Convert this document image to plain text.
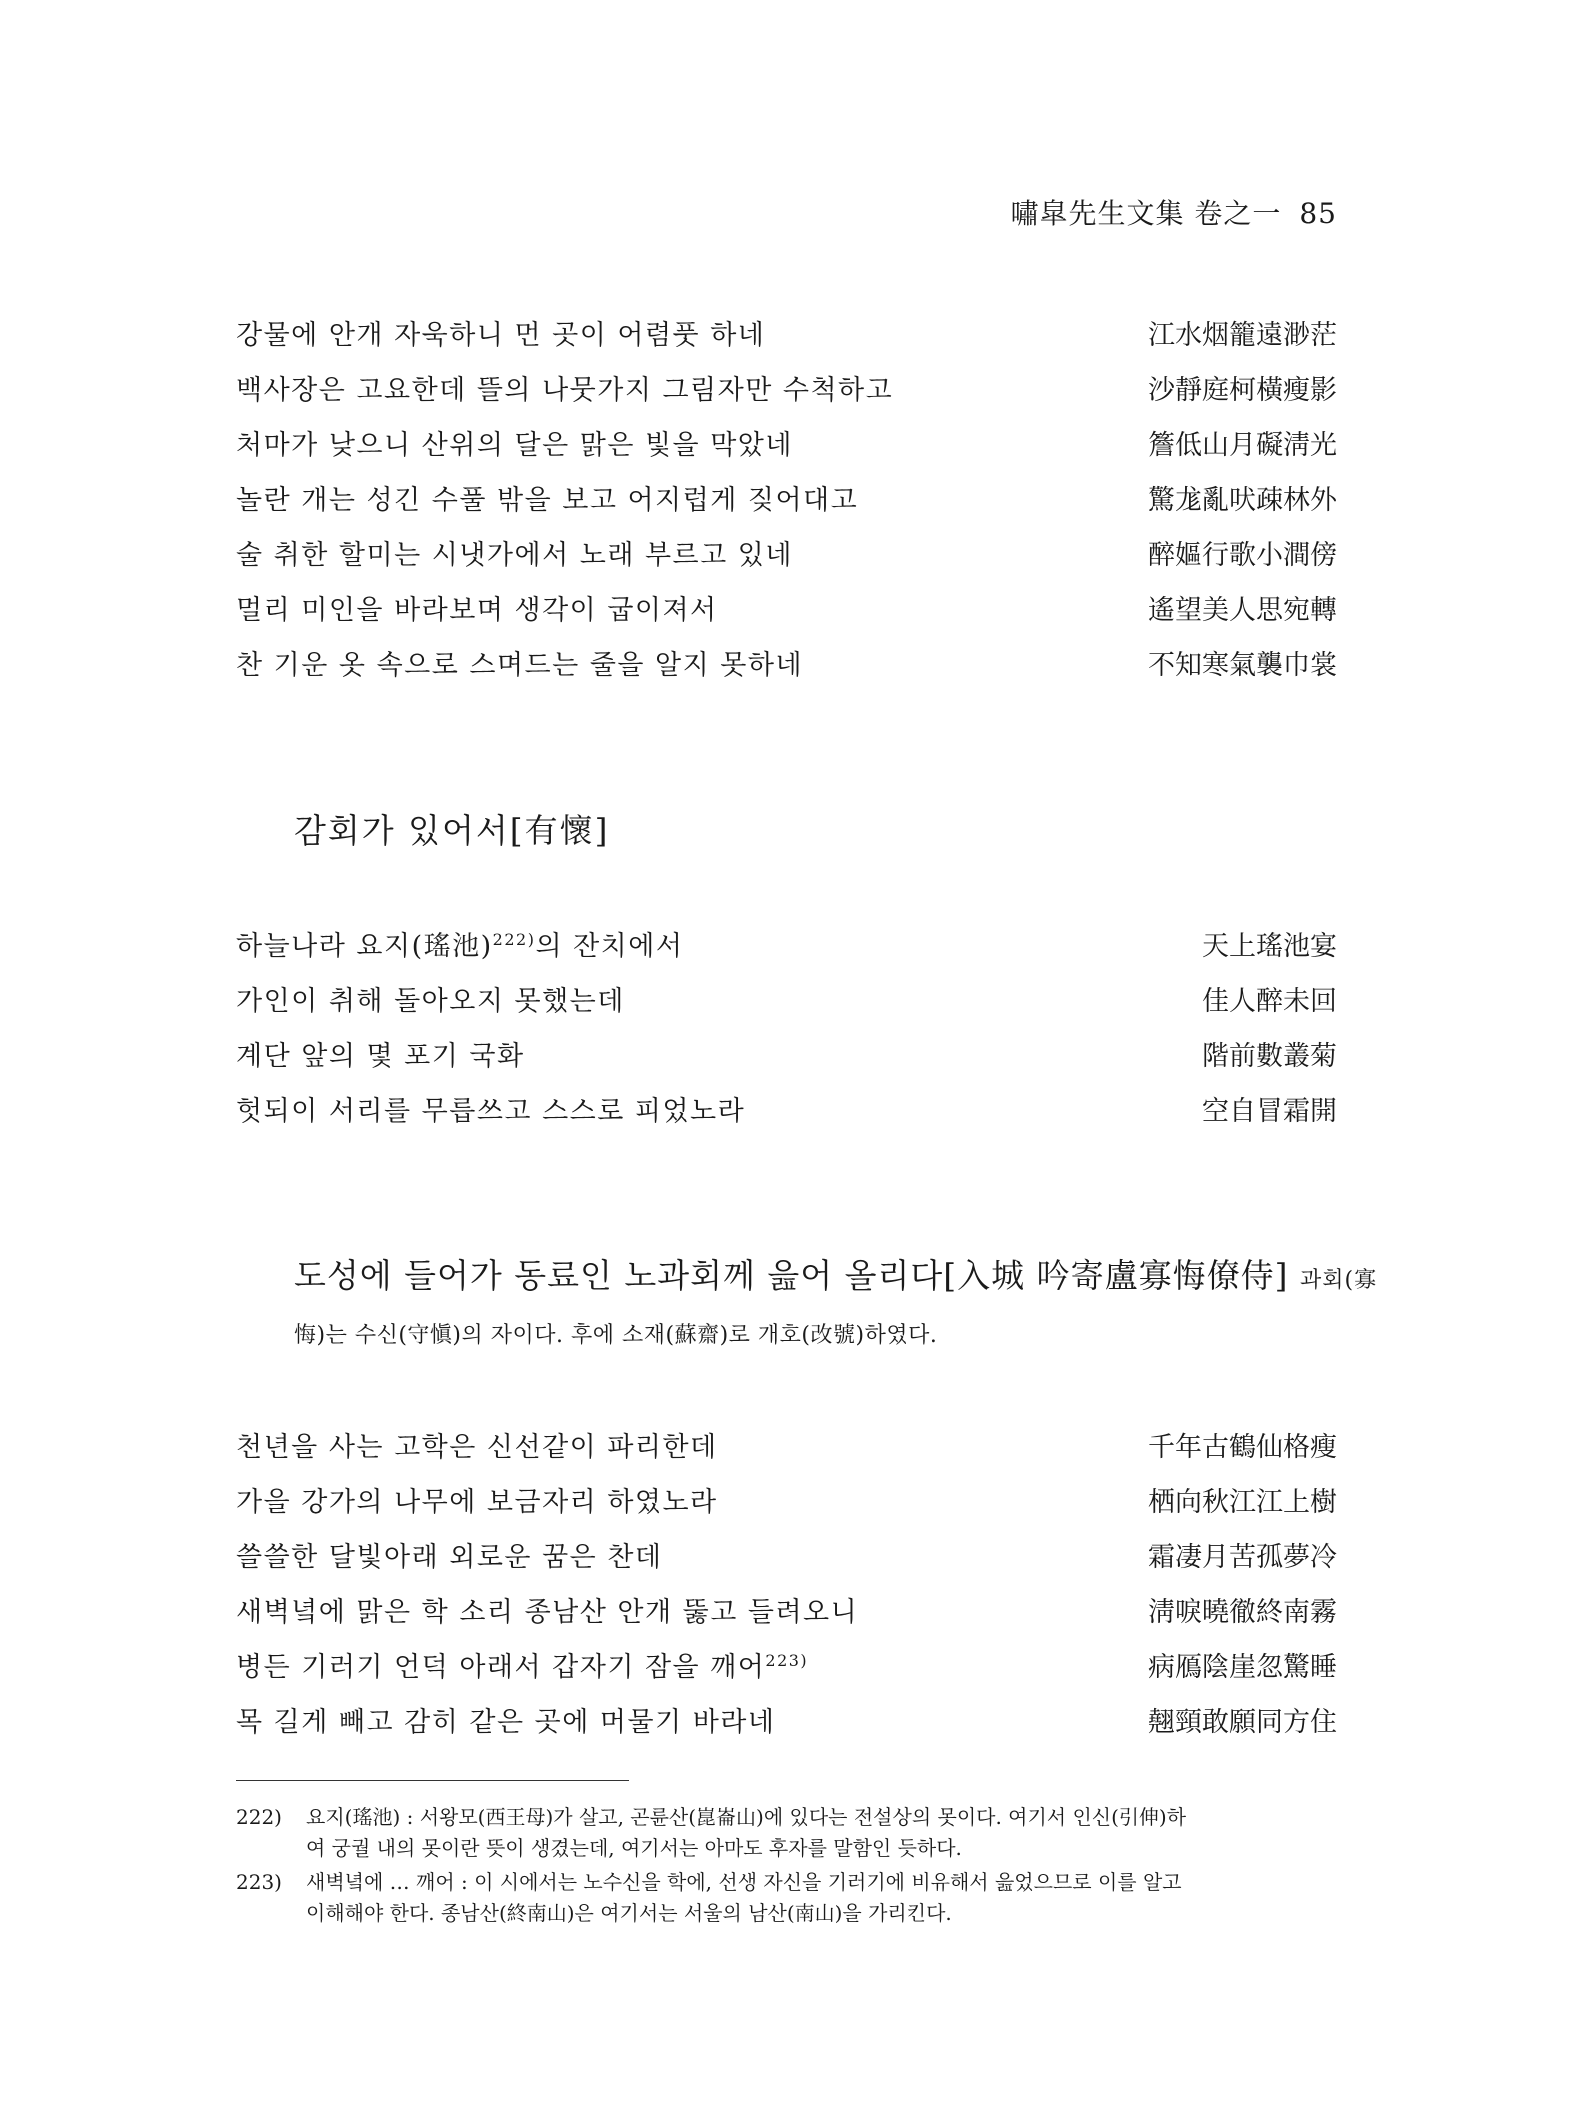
嘯皐先生文集 卷之一 85
강물에 안개 자욱하니 먼 곳이 어렴풋 하네	江水烟籠遠渺茫
백사장은 고요한데 뜰의 나뭇가지 그림자만 수척하고	沙靜庭柯橫瘦影
처마가 낮으니 산위의 달은 맑은 빛을 막았네	簷低山月礙淸光
놀란 개는 성긴 수풀 밖을 보고 어지럽게 짖어대고	驚尨亂吠疎林外
술 취한 할미는 시냇가에서 노래 부르고 있네	醉嫗行歌小澗傍
멀리 미인을 바라보며 생각이 굽이져서	遙望美人思宛轉
찬 기운 옷 속으로 스며드는 줄을 알지 못하네	不知寒氣襲巾裳
감회가 있어서[有懷]
하늘나라 요지(瑤池)$^{222)}$의 잔치에서	天上瑤池宴
가인이 취해 돌아오지 못했는데	佳人醉未回
계단 앞의 몇 포기 국화	階前數叢菊
헛되이 서리를 무릅쓰고 스스로 피었노라	空自冒霜開
도성에 들어가 동료인 노과회께 읊어 올리다[入城 吟寄盧寡悔僚侍] 과회(寡
悔)는 수신(守愼)의 자이다. 후에 소재(蘇齋)로 개호(改號)하였다.
천년을 사는 고학은 신선같이 파리한데	千年古鶴仙格瘦
가을 강가의 나무에 보금자리 하였노라	栖向秋江江上樹
쓸쓸한 달빛아래 외로운 꿈은 찬데	霜凄月苦孤夢冷
새벽녘에 맑은 학 소리 종남산 안개 뚫고 들려오니	淸唳曉徹終南霧
병든 기러기 언덕 아래서 갑자기 잠을 깨어$^{223)}$	病鴈陰崖忽驚睡
목 길게 빼고 감히 같은 곳에 머물기 바라네	翹頸敢願同方住
222) 요지(瑤池) : 서왕모(西王母)가 살고, 곤륜산(崑崙山)에 있다는 전설상의 못이다. 여기서 인신(引伸)하
여 궁궐 내의 못이란 뜻이 생겼는데, 여기서는 아마도 후자를 말함인 듯하다.
223) 새벽녘에 … 깨어 : 이 시에서는 노수신을 학에, 선생 자신을 기러기에 비유해서 읊었으므로 이를 알고
이해해야 한다. 종남산(終南山)은 여기서는 서울의 남산(南山)을 가리킨다.
